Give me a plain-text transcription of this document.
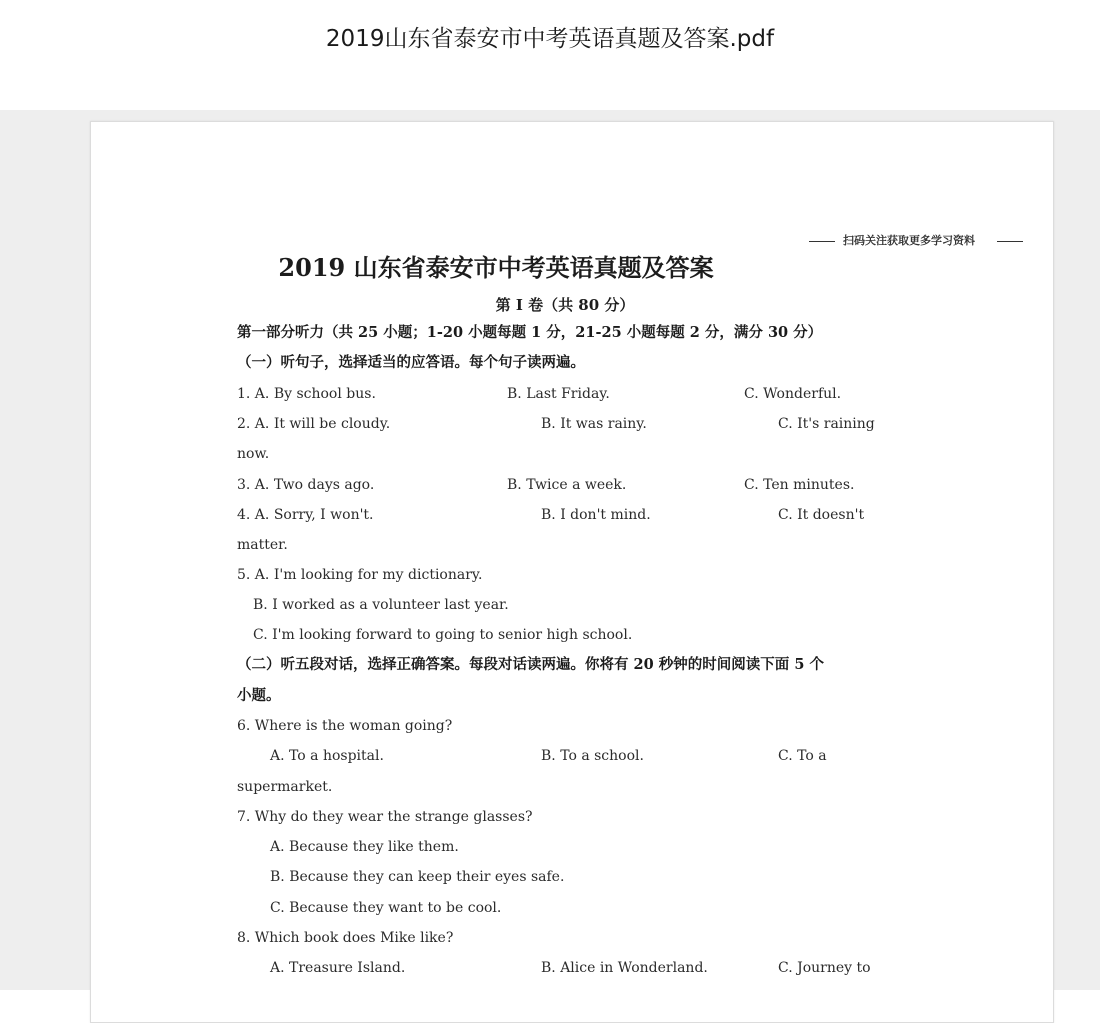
2019山东省泰安市中考英语真题及答案.pdf
扫码关注获取更多学习资料
2019 山东省泰安市中考英语真题及答案
第 I 卷（共 80 分）
第一部分听力（共 25 小题；1-20 小题每题 1 分，21-25 小题每题 2 分，满分 30 分）
（一）听句子，选择适当的应答语。每个句子读两遍。
1. A. By school bus.	B. Last Friday.	C. Wonderful.
2. A. It will be cloudy.	B. It was rainy.	C. It's raining
now.
3. A. Two days ago.	B. Twice a week.	C. Ten minutes.
4. A. Sorry, I won't.	B. I don't mind.	C. It doesn't
matter.
5. A. I'm looking for my dictionary.
B. I worked as a volunteer last year.
C. I'm looking forward to going to senior high school.
（二）听五段对话，选择正确答案。每段对话读两遍。你将有 20 秒钟的时间阅读下面 5 个
小题。
6. Where is the woman going?
A. To a hospital.	B. To a school.	C. To a
supermarket.
7. Why do they wear the strange glasses?
A. Because they like them.
B. Because they can keep their eyes safe.
C. Because they want to be cool.
8. Which book does Mike like?
A. Treasure Island.	B. Alice in Wonderland.	C. Journey to
